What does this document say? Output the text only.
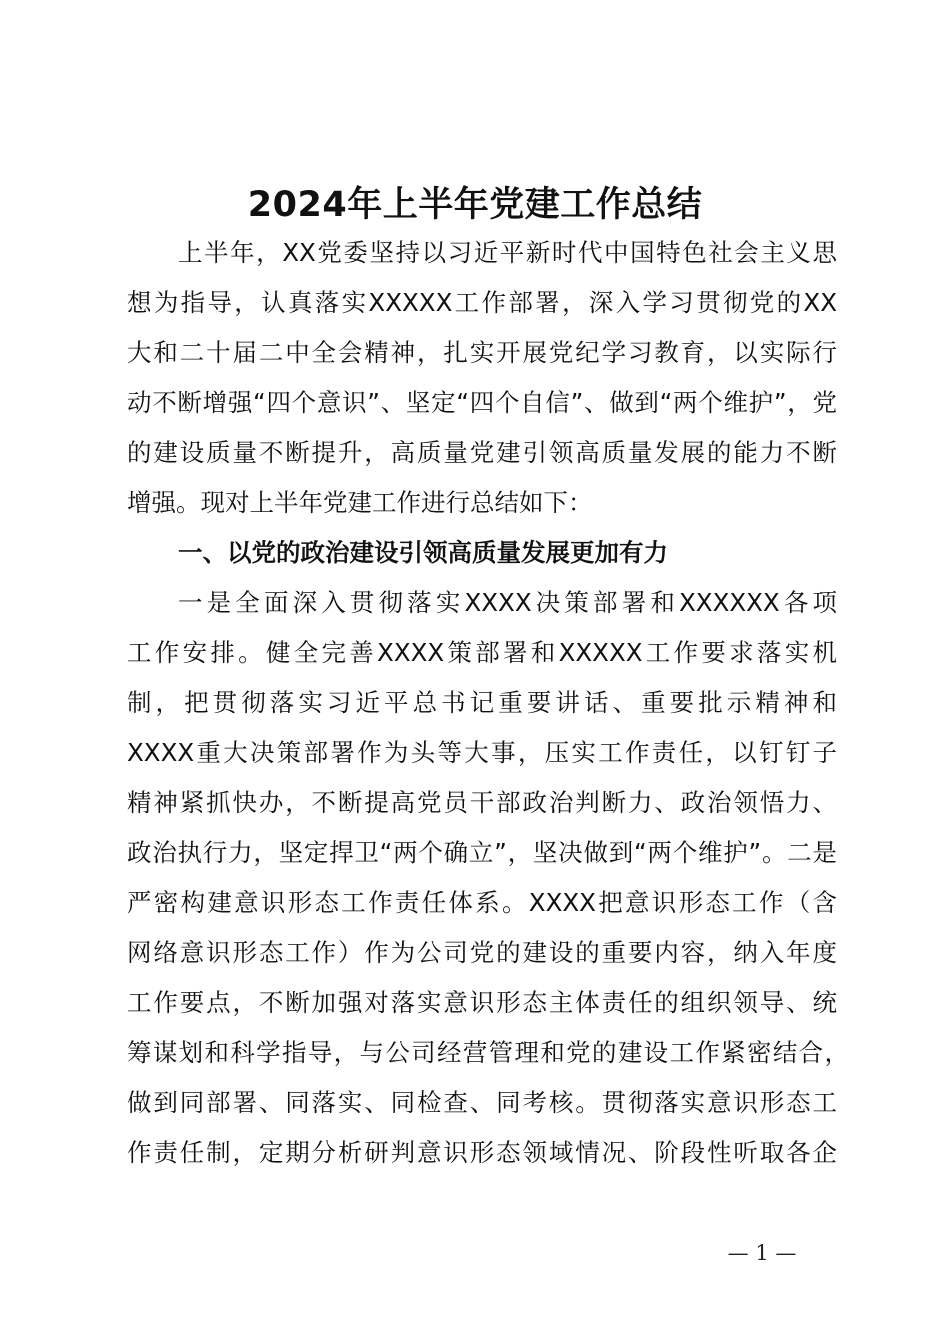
2024年上半年党建工作总结
上半年，XX党委坚持以习近平新时代中国特色社会主义思
想为指导，认真落实XXXXX工作部署，深入学习贯彻党的XX
大和二十届二中全会精神，扎实开展党纪学习教育，以实际行
动不断增强“四个意识”、坚定“四个自信”、做到“两个维护”，党
的建设质量不断提升，高质量党建引领高质量发展的能力不断
增强。现对上半年党建工作进行总结如下：
一、以党的政治建设引领高质量发展更加有力
一是全面深入贯彻落实XXXX决策部署和XXXXXX各项
工作安排。健全完善XXXX策部署和XXXXX工作要求落实机
制，把贯彻落实习近平总书记重要讲话、重要批示精神和
XXXX重大决策部署作为头等大事，压实工作责任，以钉钉子
精神紧抓快办，不断提高党员干部政治判断力、政治领悟力、
政治执行力，坚定捍卫“两个确立”，坚决做到“两个维护”。二是
严密构建意识形态工作责任体系。XXXX把意识形态工作（含
网络意识形态工作）作为公司党的建设的重要内容，纳入年度
工作要点，不断加强对落实意识形态主体责任的组织领导、统
筹谋划和科学指导，与公司经营管理和党的建设工作紧密结合，
做到同部署、同落实、同检查、同考核。贯彻落实意识形态工
作责任制，定期分析研判意识形态领域情况、阶段性听取各企
— 1 —
